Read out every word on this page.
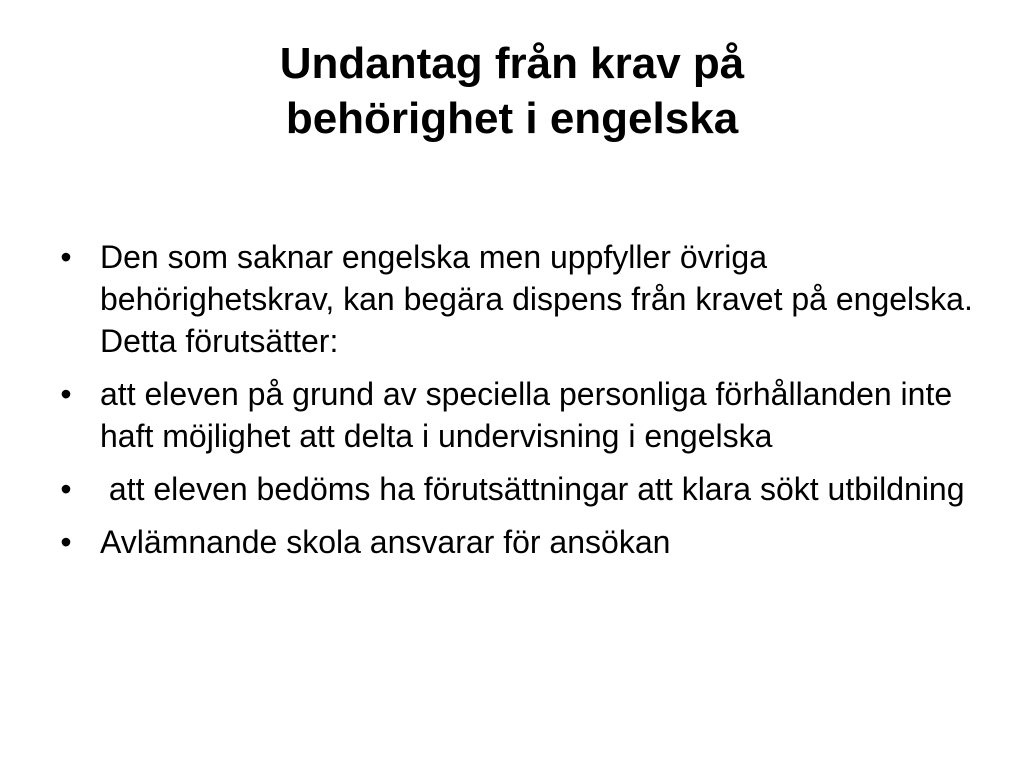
Undantag från krav på
behörighet i engelska
• Den som saknar engelska men uppfyller övriga behörighetskrav, kan begära dispens från kravet på engelska. Detta förutsätter:
• att eleven på grund av speciella personliga förhållanden inte haft möjlighet att delta i undervisning i engelska
• att eleven bedöms ha förutsättningar att klara sökt utbildning
• Avlämnande skola ansvarar för ansökan
